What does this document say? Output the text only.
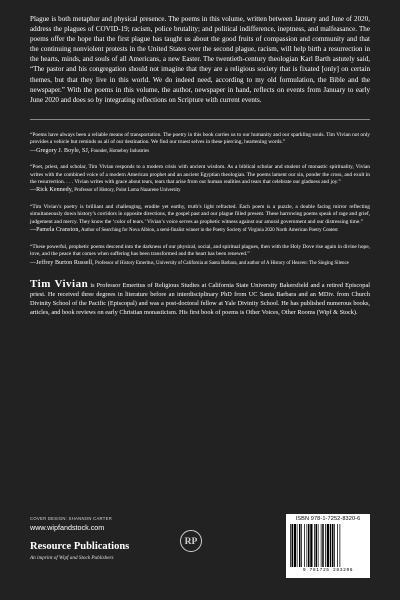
Plague is both metaphor and physical presence. The poems in this volume, written between January and June of 2020, address the plagues of COVID-19; racism, police brutality; and political indifference, ineptness, and malfeasance. The poems offer the hope that the first plague has taught us about the good fruits of compassion and community and that the continuing nonviolent protests in the United States over the second plague, racism, will help birth a resurrection in the hearts, minds, and souls of all Americans, a new Easter. The twentieth-century theologian Karl Barth astutely said, “The pastor and his congregation should not imagine that they are a religious society that is fixated [only] on certain themes, but that they live in this world. We do indeed need, according to my old formulation, the Bible and the newspaper.” With the poems in this volume, the author, newspaper in hand, reflects on events from January to early June 2020 and does so by integrating reflections on Scripture with current events.

“Poems have always been a reliable means of transportation. The poetry in this book carries us to our humanity and our sparkling souls. Tim Vivian not only provides a vehicle but reminds us all of our destination. We find our truest selves in these piercing, heartening words.”

—Gregory J. Boyle, SJ, Founder, Homeboy Industries

“Poet, priest, and scholar, Tim Vivian responds to a modern crisis with ancient wisdom. As a biblical scholar and student of monastic spirituality, Vivian writes with the combined voice of a modern American prophet and an ancient Egyptian theologian. The poems lament our sin, ponder the cross, and exult in the resurrection. . . . Vivian writes with grace about tears, tears that arise from our human realities and tears that celebrate our gladness and joy.”

—Rick Kennedy, Professor of History, Point Loma Nazarene University

“Tim Vivian’s poetry is brilliant and challenging, erudite yet earthy, truth’s light refracted. Each poem is a puzzle, a double facing mirror reflecting simultaneously down history’s corridors in opposite directions, the gospel past and our plague filled present. These harrowing poems speak of rage and grief, judgement and mercy. They know the ‘color of tears.’ Vivian’s voice serves as prophetic witness against our amoral government and our distressing time.”

—Pamela Cranston, Author of Searching for Nova Albion, a semi-finalist winner in the Poetry Society of Virginia 2020 North American Poetry Contest

“These powerful, prophetic poems descend into the darkness of our physical, social, and spiritual plagues, then with the Holy Dove rise again in divine hope, love, and the peace that comes when suffering has been transformed and the heart has been renewed.”

—Jeffrey Burton Russell, Professor of History Emeritus, University of California at Santa Barbara, and author of A History of Heaven: The Singing Silence

Tim Vivian is Professor Emeritus of Religious Studies at California State University Bakersfield and a retired Episcopal priest. He received three degrees in literature before an interdisciplinary PhD from UC Santa Barbara and an MDiv. from Church Divinity School of the Pacific (Episcopal) and was a post-doctoral fellow at Yale Divinity School. He has published numerous books, articles, and book reviews on early Christian monasticism. His first book of poems is Other Voices, Other Rooms (Wipf & Stock).

COVER DESIGN: SHANNON CARTER
www.wipfandstock.com
Resource Publications
An imprint of Wipf and Stock Publishers
RP
ISBN 978-1-7252-8320-6
9 781725 283206
